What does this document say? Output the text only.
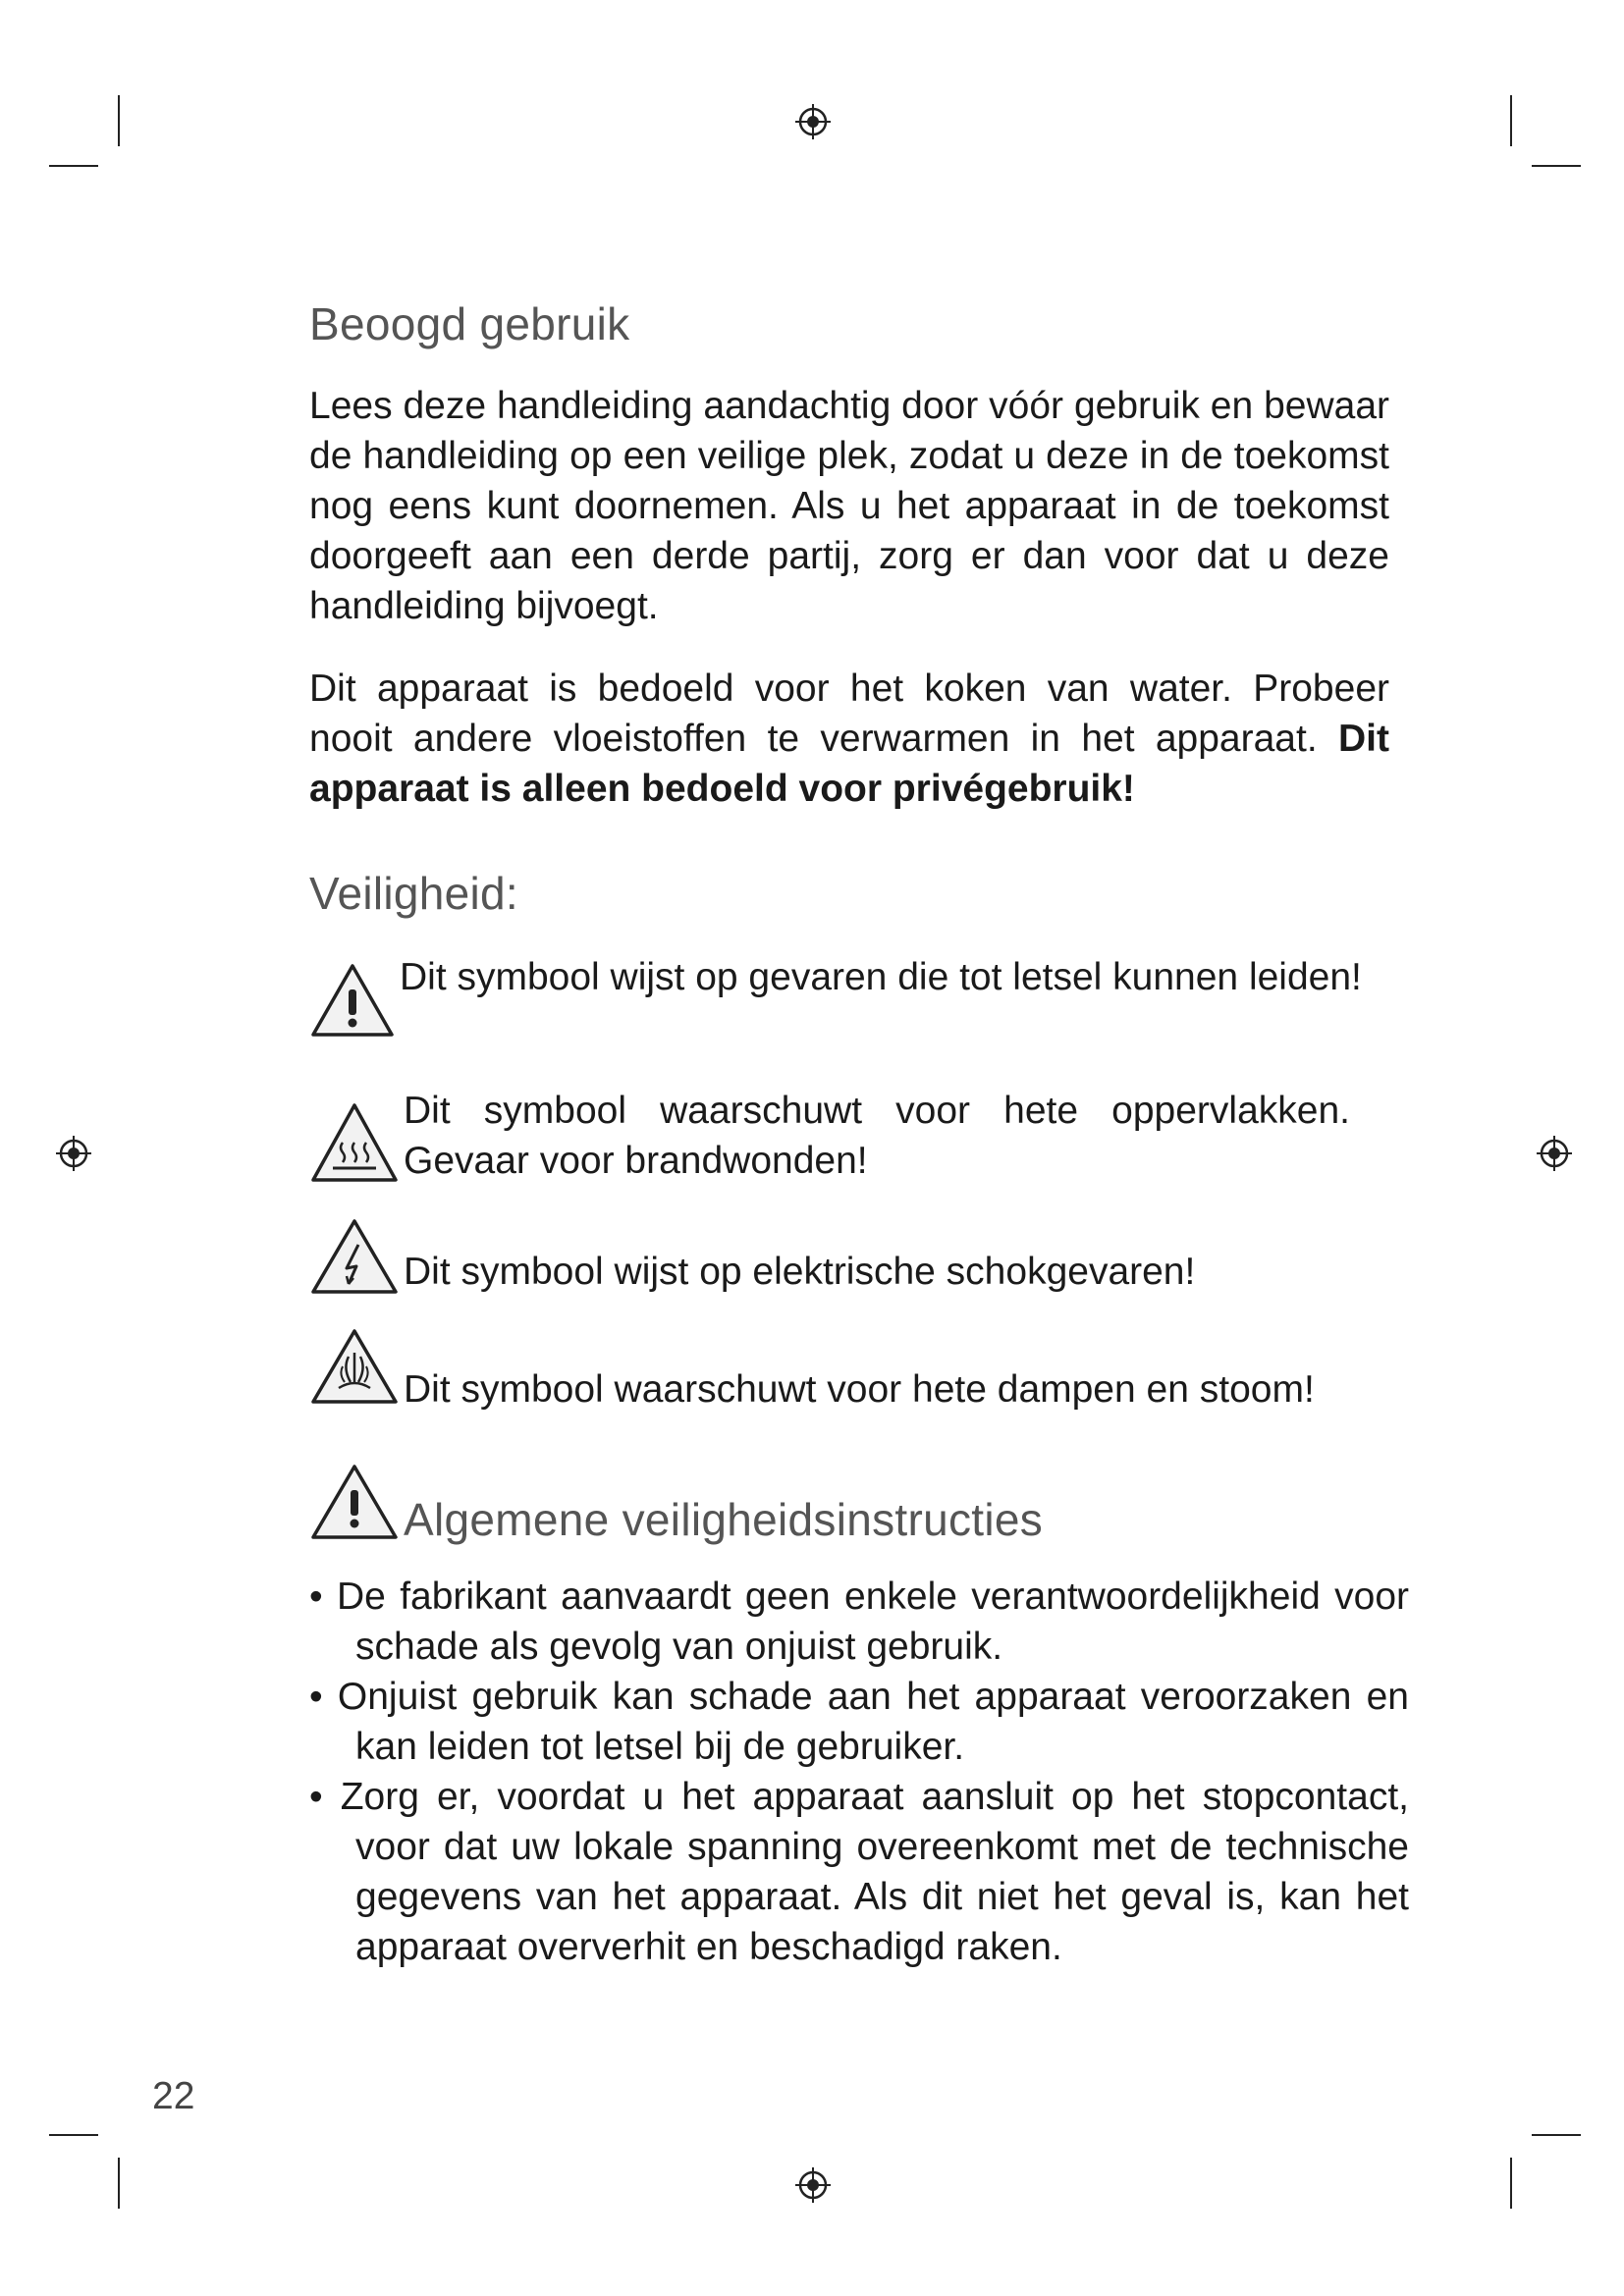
Beoogd gebruik

Lees deze handleiding aandachtig door vóór gebruik en bewaar de handleiding op een veilige plek, zodat u deze in de toekomst nog eens kunt doornemen. Als u het apparaat in de toekomst doorgeeft aan een derde partij, zorg er dan voor dat u deze handleiding bijvoegt.

Dit apparaat is bedoeld voor het koken van water. Probeer nooit andere vloeistoffen te verwarmen in het apparaat. Dit apparaat is alleen bedoeld voor privégebruik!

Veiligheid:
Dit symbool wijst op gevaren die tot letsel kunnen leiden!
Dit symbool waarschuwt voor hete oppervlakken. Gevaar voor brandwonden!
Dit symbool wijst op elektrische schokgevaren!
Dit symbool waarschuwt voor hete dampen en stoom!
Algemene veiligheidsinstructies
• De fabrikant aanvaardt geen enkele verantwoordelijkheid voor schade als gevolg van onjuist gebruik.
• Onjuist gebruik kan schade aan het apparaat veroorzaken en kan leiden tot letsel bij de gebruiker.
• Zorg er, voordat u het apparaat aansluit op het stopcontact, voor dat uw lokale spanning overeenkomt met de technische gegevens van het apparaat. Als dit niet het geval is, kan het apparaat oververhit en beschadigd raken.
22
